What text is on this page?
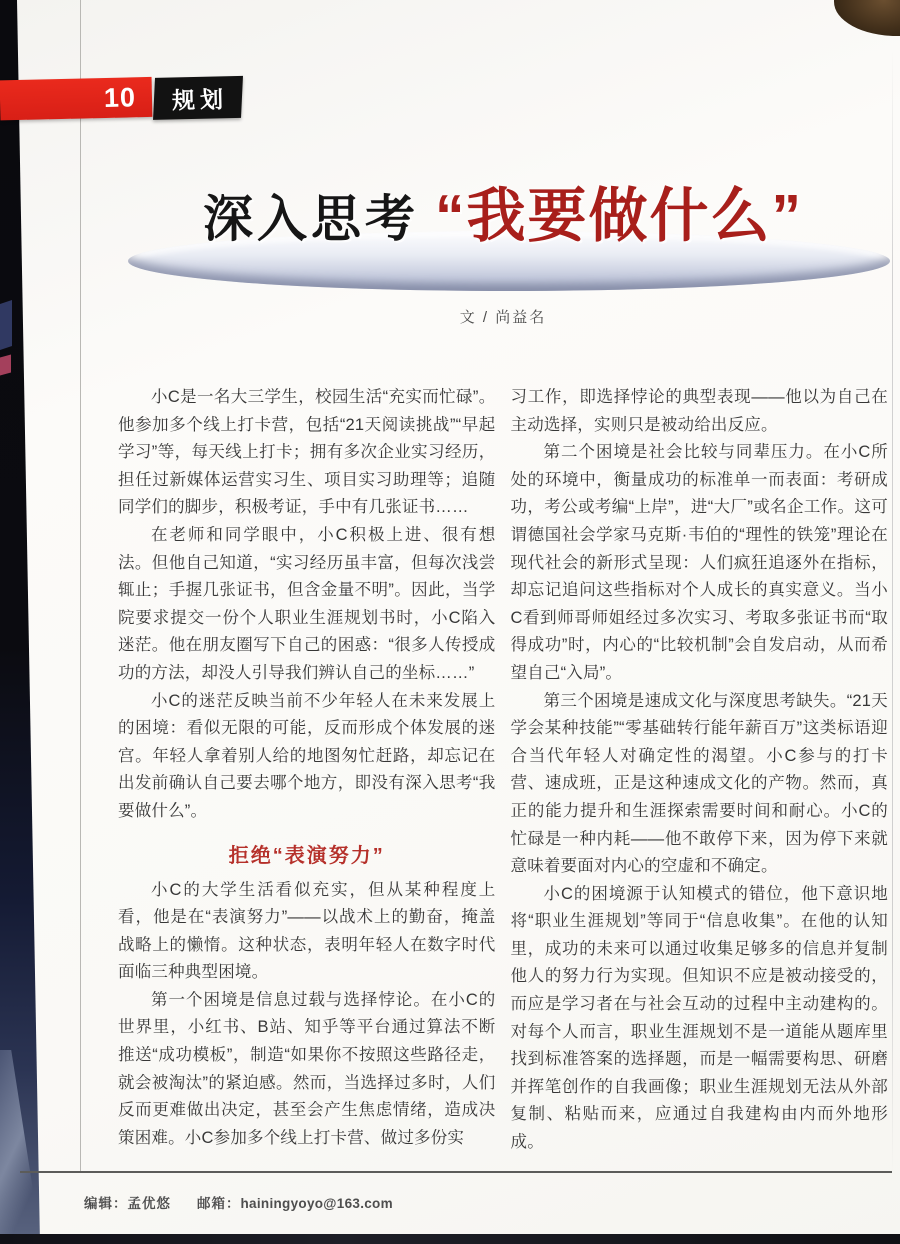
10 规划
深入思考 “我要做什么”
文 / 尚益名

小C是一名大三学生，校园生活“充实而忙碌”。他参加多个线上打卡营，包括“21天阅读挑战”“早起学习”等，每天线上打卡；拥有多次企业实习经历，担任过新媒体运营实习生、项目实习助理等；追随同学们的脚步，积极考证，手中有几张证书……

在老师和同学眼中，小C积极上进、很有想法。但他自己知道，“实习经历虽丰富，但每次浅尝辄止；手握几张证书，但含金量不明”。因此，当学院要求提交一份个人职业生涯规划书时，小C陷入迷茫。他在朋友圈写下自己的困惑：“很多人传授成功的方法，却没人引导我们辨认自己的坐标……”

小C的迷茫反映当前不少年轻人在未来发展上的困境：看似无限的可能，反而形成个体发展的迷宫。年轻人拿着别人给的地图匆忙赶路，却忘记在出发前确认自己要去哪个地方，即没有深入思考“我要做什么”。

拒绝“表演努力”

小C的大学生活看似充实，但从某种程度上看，他是在“表演努力”——以战术上的勤奋，掩盖战略上的懒惰。这种状态，表明年轻人在数字时代面临三种典型困境。

第一个困境是信息过载与选择悖论。在小C的世界里，小红书、B站、知乎等平台通过算法不断推送“成功模板”，制造“如果你不按照这些路径走，就会被淘汰”的紧迫感。然而，当选择过多时，人们反而更难做出决定，甚至会产生焦虑情绪，造成决策困难。小C参加多个线上打卡营、做过多份实

习工作，即选择悖论的典型表现——他以为自己在主动选择，实则只是被动给出反应。

第二个困境是社会比较与同辈压力。在小C所处的环境中，衡量成功的标准单一而表面：考研成功，考公或考编“上岸”，进“大厂”或名企工作。这可谓德国社会学家马克斯·韦伯的“理性的铁笼”理论在现代社会的新形式呈现：人们疯狂追逐外在指标，却忘记追问这些指标对个人成长的真实意义。当小C看到师哥师姐经过多次实习、考取多张证书而“取得成功”时，内心的“比较机制”会自发启动，从而希望自己“入局”。

第三个困境是速成文化与深度思考缺失。“21天学会某种技能”“零基础转行能年薪百万”这类标语迎合当代年轻人对确定性的渴望。小C参与的打卡营、速成班，正是这种速成文化的产物。然而，真正的能力提升和生涯探索需要时间和耐心。小C的忙碌是一种内耗——他不敢停下来，因为停下来就意味着要面对内心的空虚和不确定。

小C的困境源于认知模式的错位，他下意识地将“职业生涯规划”等同于“信息收集”。在他的认知里，成功的未来可以通过收集足够多的信息并复制他人的努力行为实现。但知识不应是被动接受的，而应是学习者在与社会互动的过程中主动建构的。对每个人而言，职业生涯规划不是一道能从题库里找到标准答案的选择题，而是一幅需要构思、研磨并挥笔创作的自我画像；职业生涯规划无法从外部复制、粘贴而来，应通过自我建构由内而外地形成。

编辑：孟优悠 邮箱：hainingyoyo@163.com
